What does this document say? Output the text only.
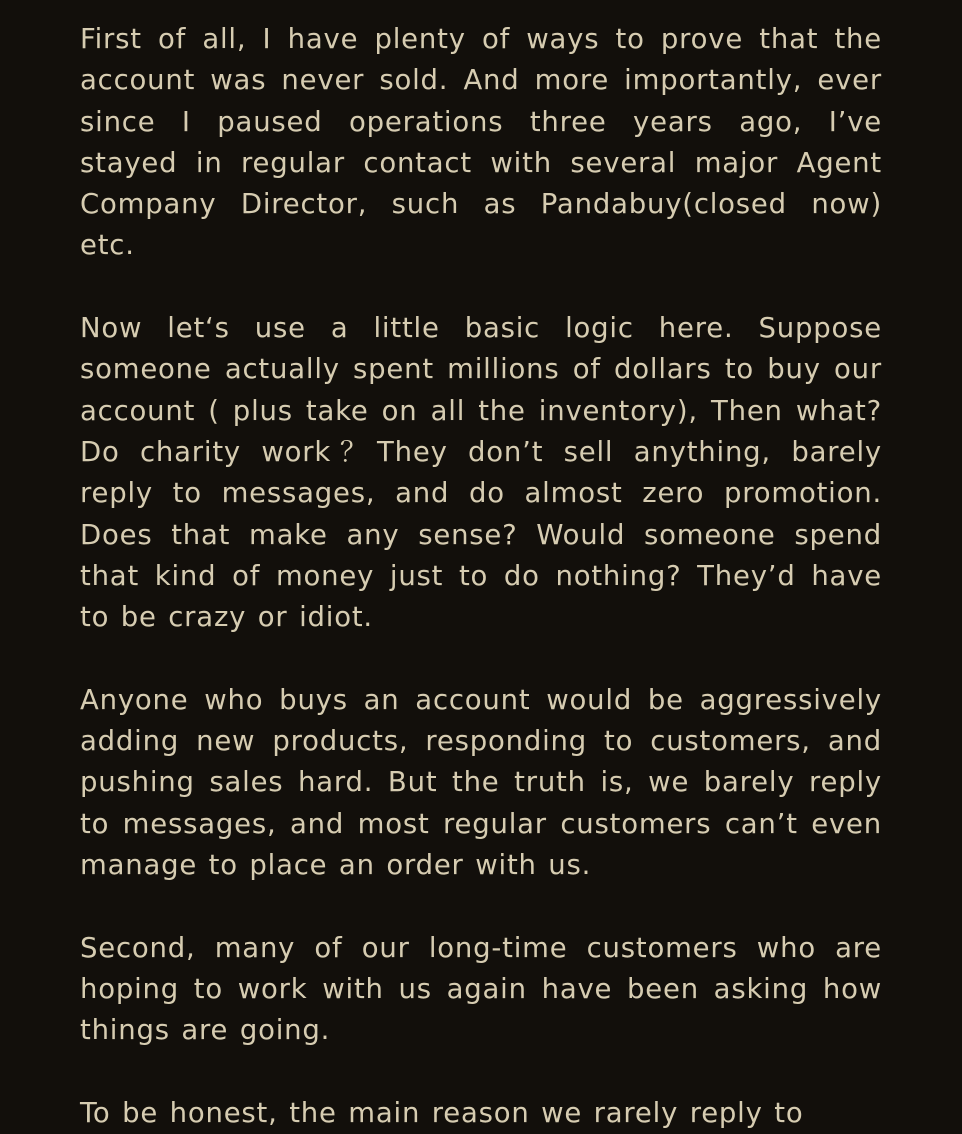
First of all, I have plenty of ways to prove that the account was never sold. And more importantly, ever since I paused operations three years ago, I’ve stayed in regular contact with several major Agent Company Director, such as Pandabuy(closed now) etc.

Now let‘s use a little basic logic here. Suppose someone actually spent millions of dollars to buy our account ( plus take on all the inventory), Then what? Do charity work？They don’t sell anything, barely reply to messages, and do almost zero promotion. Does that make any sense? Would someone spend that kind of money just to do nothing? They’d have to be crazy or idiot.

Anyone who buys an account would be aggressively adding new products, responding to customers, and pushing sales hard. But the truth is, we barely reply to messages, and most regular customers can’t even manage to place an order with us.

Second, many of our long-time customers who are hoping to work with us again have been asking how things are going.

To be honest, the main reason we rarely reply to
